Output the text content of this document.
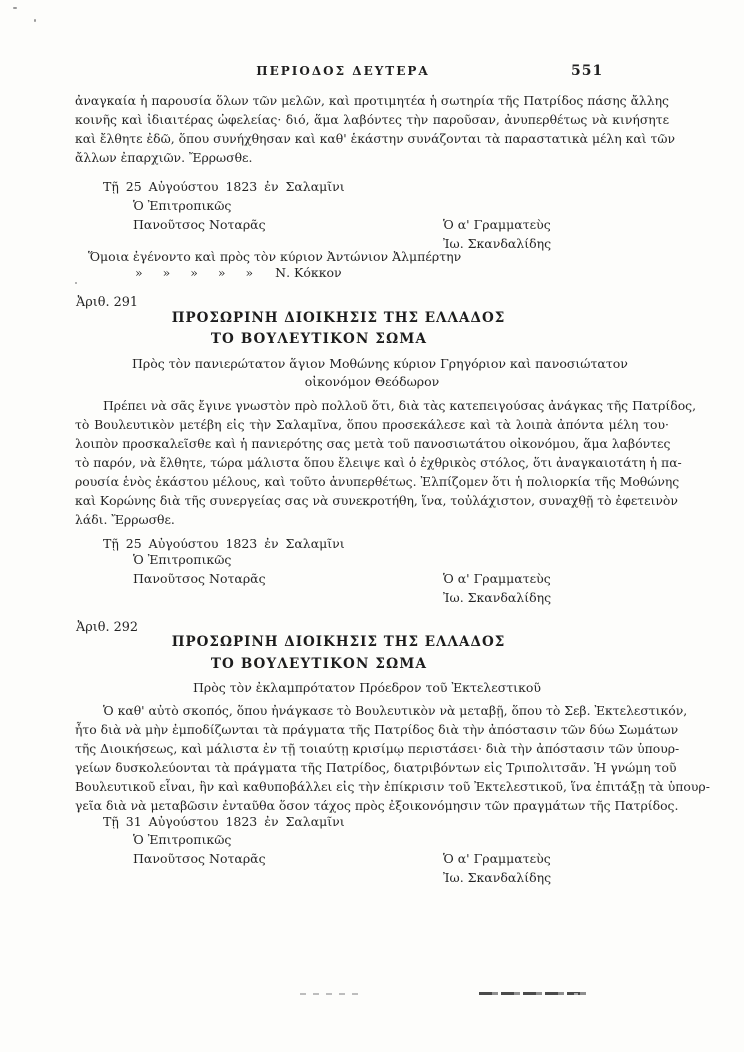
ΠΕΡΙΟΔΟΣ ΔΕΥΤΕΡΑ	551
ἀναγκαία ἡ παρουσία ὅλων τῶν μελῶν, καὶ προτιμητέα ἡ σωτηρία τῆς Πατρίδος πάσης ἄλλης
κοινῆς καὶ ἰδιαιτέρας ὠφελείας· διό, ἅμα λαβόντες τὴν παροῦσαν, ἀνυπερθέτως νὰ κινήσητε
καὶ ἔλθητε ἐδῶ, ὅπου συνήχθησαν καὶ καθ' ἑκάστην συνάζονται τὰ παραστατικὰ μέλη καὶ τῶν
ἄλλων ἐπαρχιῶν. Ἔρρωσθε.
Τῇ 25 Αὐγούστου 1823 ἐν Σαλαμῖνι
Ὁ Ἐπιτροπικῶς
Πανοῦτσος Νοταρᾶς	Ὁ α' Γραμματεὺς
Ἰω. Σκανδαλίδης
Ὅμοια ἐγένοντο καὶ πρὸς τὸν κύριον Ἀντώνιον Ἀλμπέρτην
» » » » » Ν. Κόκκον
Ἀριθ. 291
ΠΡΟΣΩΡΙΝΗ ΔΙΟΙΚΗΣΙΣ ΤΗΣ ΕΛΛΑΔΟΣ
ΤΟ ΒΟΥΛΕΥΤΙΚΟΝ ΣΩΜΑ
Πρὸς τὸν πανιερώτατον ἅγιον Μοθώνης κύριον Γρηγόριον καὶ πανοσιώτατον
οἰκονόμον Θεόδωρον
Πρέπει νὰ σᾶς ἔγινε γνωστὸν πρὸ πολλοῦ ὅτι, διὰ τὰς κατεπειγούσας ἀνάγκας τῆς Πατρίδος,
τὸ Βουλευτικὸν μετέβη εἰς τὴν Σαλαμῖνα, ὅπου προσεκάλεσε καὶ τὰ λοιπὰ ἀπόντα μέλη του·
λοιπὸν προσκαλεῖσθε καὶ ἡ πανιερότης σας μετὰ τοῦ πανοσιωτάτου οἰκονόμου, ἅμα λαβόντες
τὸ παρόν, νὰ ἔλθητε, τώρα μάλιστα ὅπου ἔλειψε καὶ ὁ ἐχθρικὸς στόλος, ὅτι ἀναγκαιοτάτη ἡ πα-
ρουσία ἑνὸς ἑκάστου μέλους, καὶ τοῦτο ἀνυπερθέτως. Ἐλπίζομεν ὅτι ἡ πολιορκία τῆς Μοθώνης
καὶ Κορώνης διὰ τῆς συνεργείας σας νὰ συνεκροτήθη, ἵνα, τοὐλάχιστον, συναχθῇ τὸ ἐφετεινὸν
λάδι. Ἔρρωσθε.
Τῇ 25 Αὐγούστου 1823 ἐν Σαλαμῖνι
Ὁ Ἐπιτροπικῶς
Πανοῦτσος Νοταρᾶς	Ὁ α' Γραμματεὺς
Ἰω. Σκανδαλίδης
Ἀριθ. 292
ΠΡΟΣΩΡΙΝΗ ΔΙΟΙΚΗΣΙΣ ΤΗΣ ΕΛΛΑΔΟΣ
ΤΟ ΒΟΥΛΕΥΤΙΚΟΝ ΣΩΜΑ
Πρὸς τὸν ἐκλαμπρότατον Πρόεδρον τοῦ Ἐκτελεστικοῦ
Ὁ καθ' αὐτὸ σκοπός, ὅπου ἠνάγκασε τὸ Βουλευτικὸν νὰ μεταβῇ, ὅπου τὸ Σεβ. Ἐκτελεστικόν,
ἦτο διὰ νὰ μὴν ἐμποδίζωνται τὰ πράγματα τῆς Πατρίδος διὰ τὴν ἀπόστασιν τῶν δύω Σωμάτων
τῆς Διοικήσεως, καὶ μάλιστα ἐν τῇ τοιαύτῃ κρισίμῳ περιστάσει· διὰ τὴν ἀπόστασιν τῶν ὑπουρ-
γείων δυσκολεύονται τὰ πράγματα τῆς Πατρίδος, διατριβόντων εἰς Τριπολιτσᾶν. Ἡ γνώμη τοῦ
Βουλευτικοῦ εἶναι, ἣν καὶ καθυποβάλλει εἰς τὴν ἐπίκρισιν τοῦ Ἐκτελεστικοῦ, ἵνα ἐπιτάξῃ τὰ ὑπουρ-
γεῖα διὰ νὰ μεταβῶσιν ἐνταῦθα ὅσον τάχος πρὸς ἐξοικονόμησιν τῶν πραγμάτων τῆς Πατρίδος.
Τῇ 31 Αὐγούστου 1823 ἐν Σαλαμῖνι
Ὁ Ἐπιτροπικῶς
Πανοῦτσος Νοταρᾶς	Ὁ α' Γραμματεὺς
Ἰω. Σκανδαλίδης
